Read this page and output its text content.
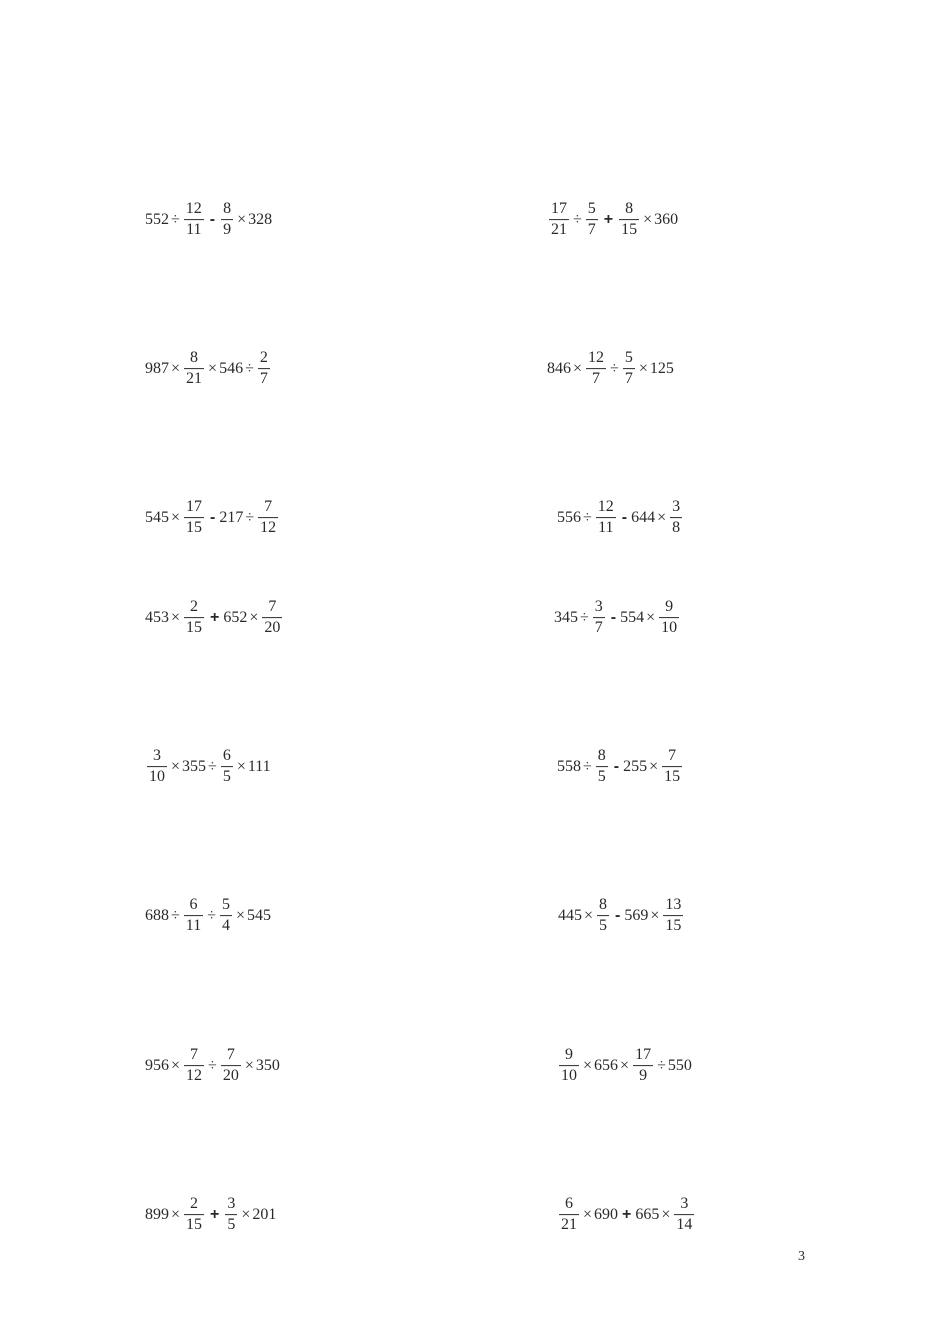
$552 \div \frac{12}{11} - \frac{8}{9} \times 328$	$\frac{17}{21} \div \frac{5}{7} + \frac{8}{15} \times 360$
$987 \times \frac{8}{21} \times 546 \div \frac{2}{7}$	$846 \times \frac{12}{7} \div \frac{5}{7} \times 125$
$545 \times \frac{17}{15} - 217 \div \frac{7}{12}$	$556 \div \frac{12}{11} - 644 \times \frac{3}{8}$
$453 \times \frac{2}{15} + 652 \times \frac{7}{20}$	$345 \div \frac{3}{7} - 554 \times \frac{9}{10}$
$\frac{3}{10} \times 355 \div \frac{6}{5} \times 111$	$558 \div \frac{8}{5} - 255 \times \frac{7}{15}$
$688 \div \frac{6}{11} \div \frac{5}{4} \times 545$	$445 \times \frac{8}{5} - 569 \times \frac{13}{15}$
$956 \times \frac{7}{12} \div \frac{7}{20} \times 350$	$\frac{9}{10} \times 656 \times \frac{17}{9} \div 550$
$899 \times \frac{2}{15} + \frac{3}{5} \times 201$	$\frac{6}{21} \times 690 + 665 \times \frac{3}{14}$
3
